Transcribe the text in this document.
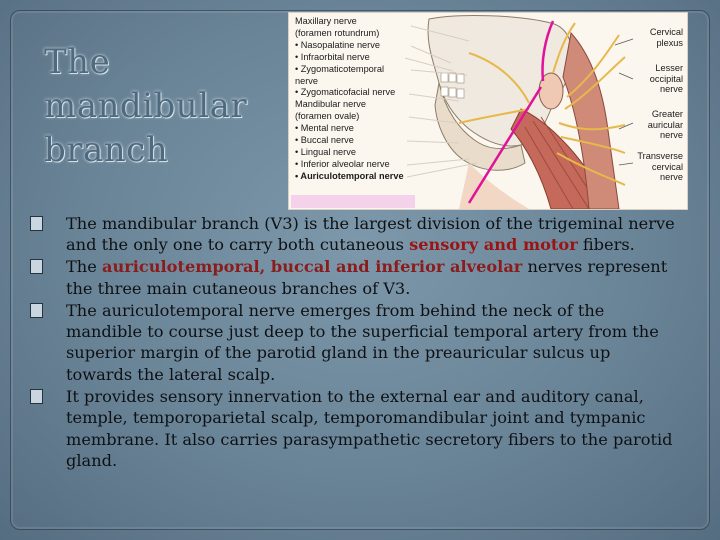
The
mandibular
branch
Maxillary nerve
(foramen rotundrum)
• Nasopalatine nerve
• Infraorbital nerve
• Zygomaticotemporal
nerve
• Zygomaticofacial nerve
Mandibular nerve
(foramen ovale)
• Mental nerve
• Buccal nerve
• Lingual nerve
• Inferior alveolar nerve
• Auriculotemporal nerve
Cervical
plexus
Lesser
occipital
nerve
Greater
auricular
nerve
Transverse
cervical
nerve
The mandibular branch (V3) is the largest division of the trigeminal nerve and the only one to carry both cutaneous sensory and motor fibers.
The auriculotemporal, buccal and inferior alveolar nerves represent the three main cutaneous branches of V3.
The auriculotemporal nerve emerges from behind the neck of the mandible to course just deep to the superficial temporal artery from the superior margin of the parotid gland in the preauricular sulcus up towards the lateral scalp.
It provides sensory innervation to the external ear and auditory canal, temple, temporoparietal scalp, temporomandibular joint and tympanic membrane. It also carries parasympathetic secretory fibers to the parotid gland.
